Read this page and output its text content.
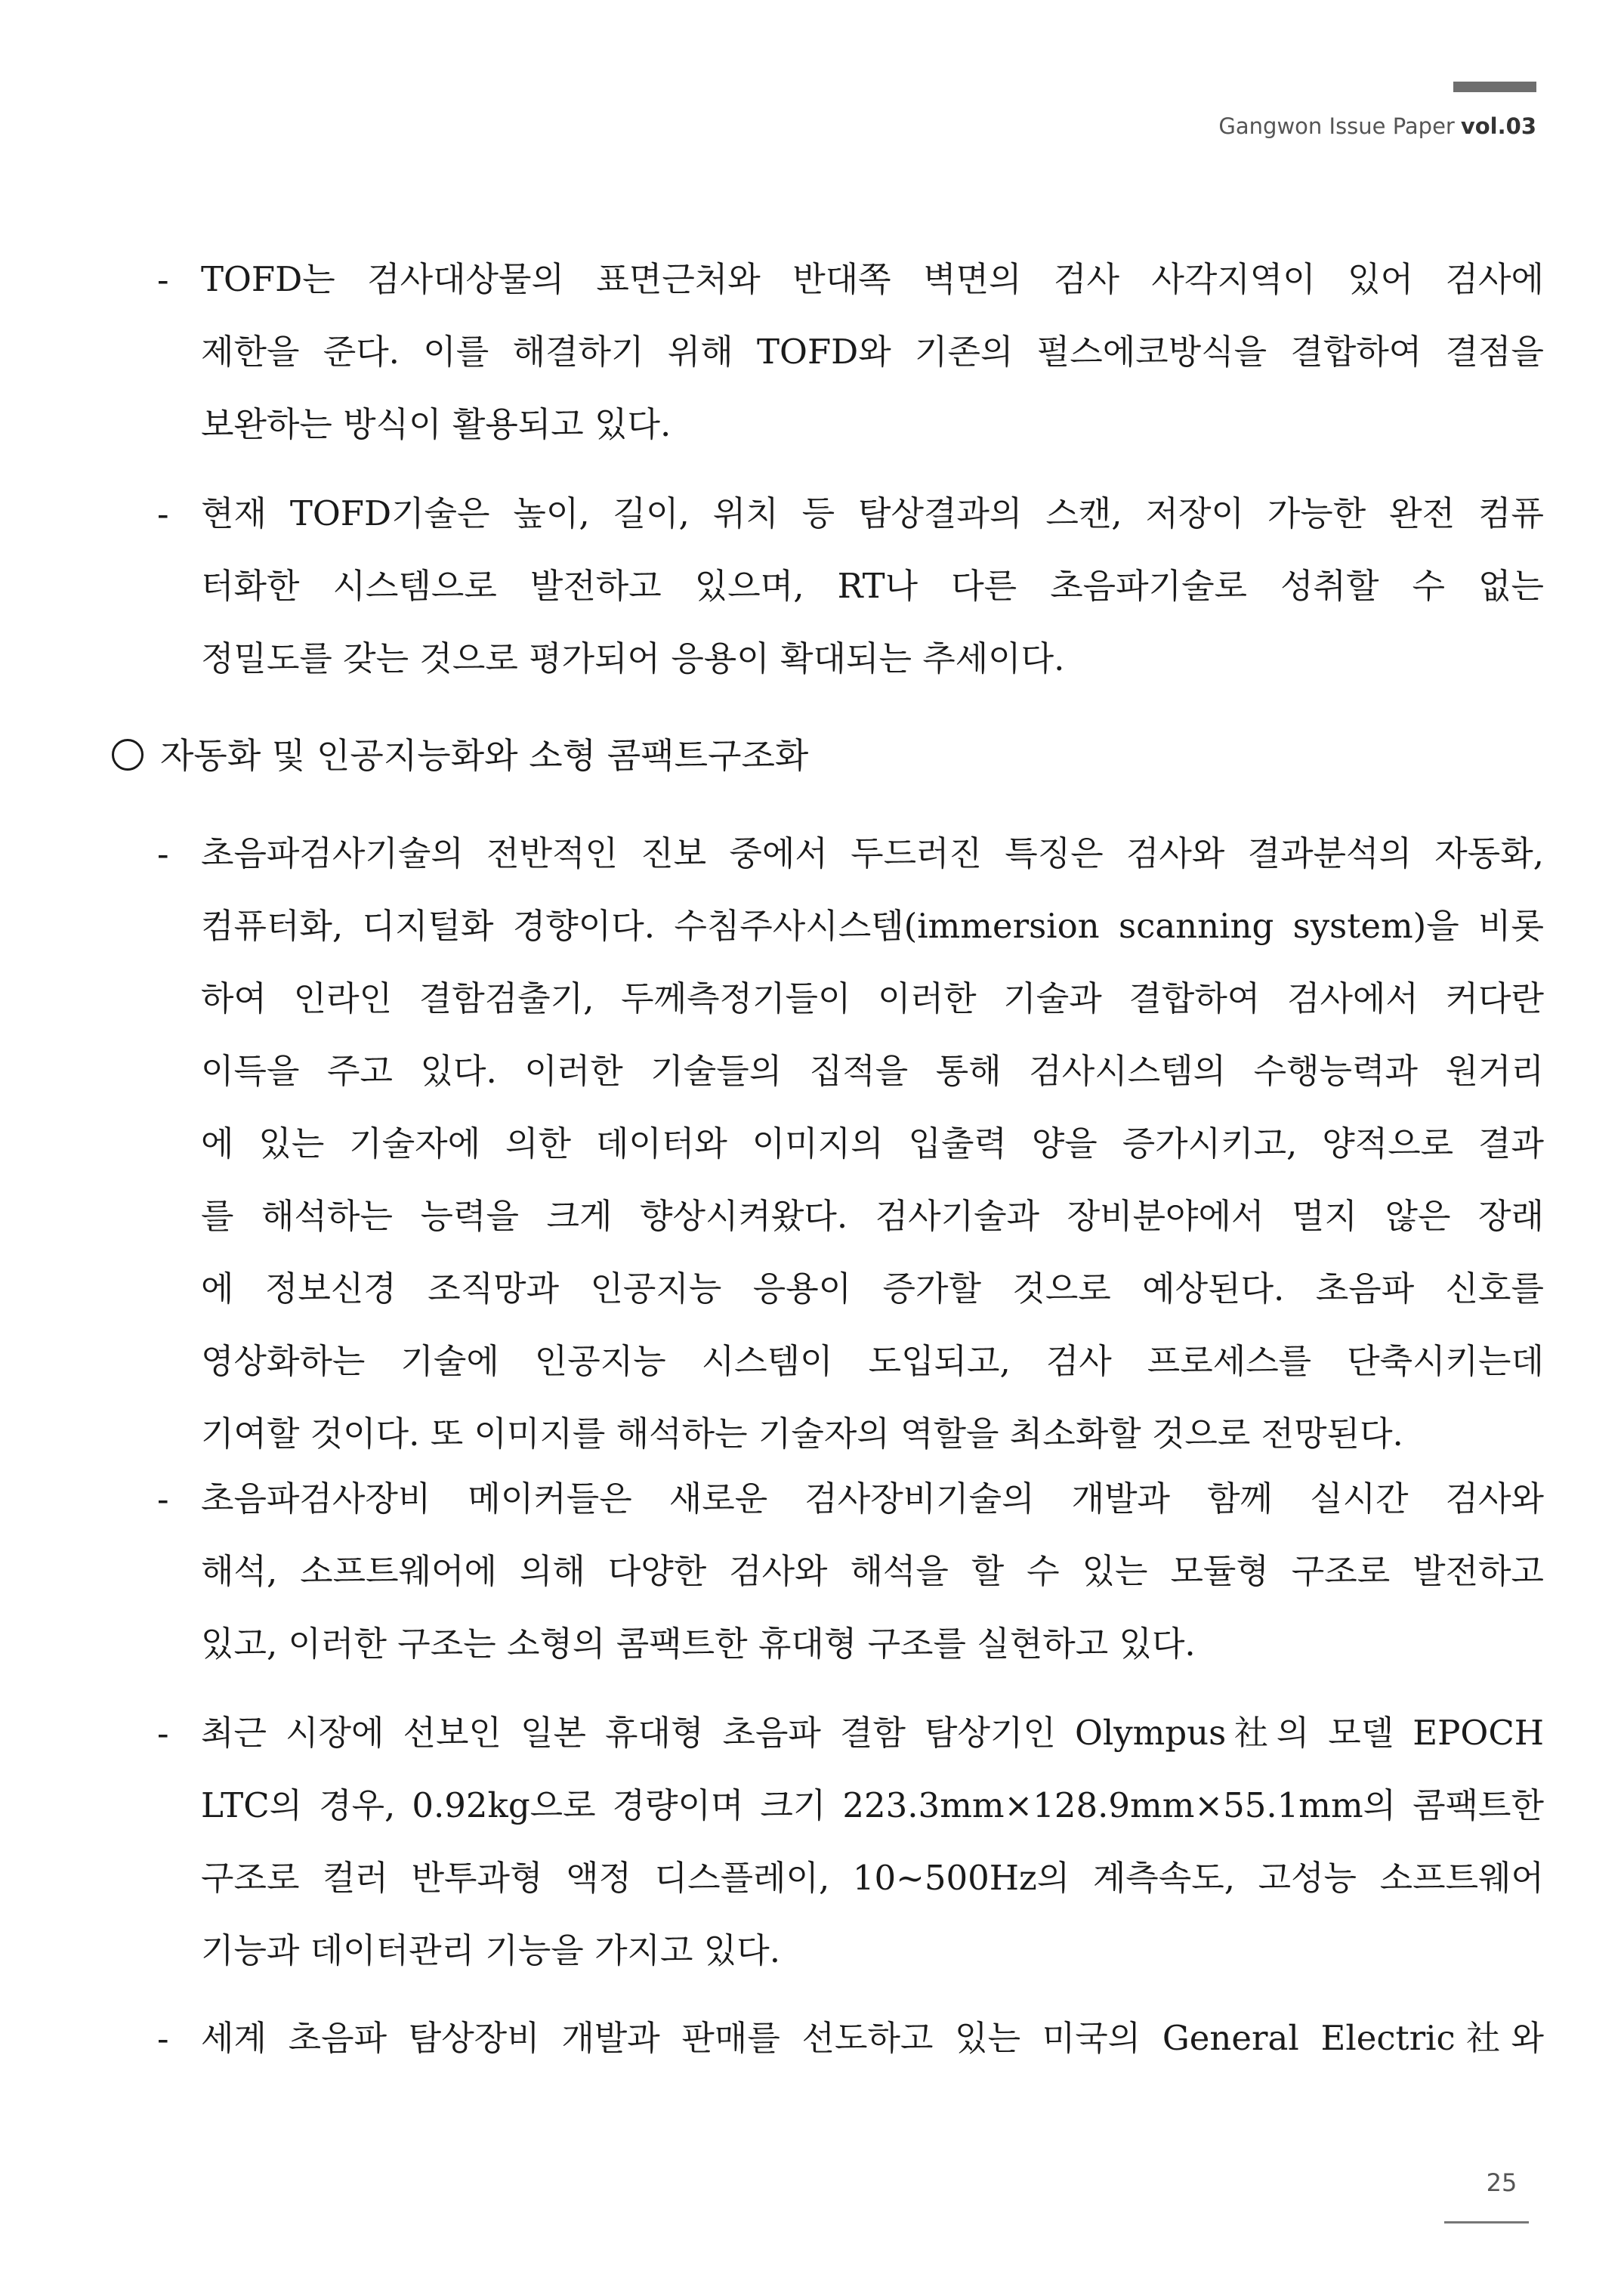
Gangwon Issue Paper vol.03
- TOFD는 검사대상물의 표면근처와 반대쪽 벽면의 검사 사각지역이 있어 검사에
제한을 준다. 이를 해결하기 위해 TOFD와 기존의 펄스에코방식을 결합하여 결점을
보완하는 방식이 활용되고 있다.
- 현재 TOFD기술은 높이, 길이, 위치 등 탐상결과의 스캔, 저장이 가능한 완전 컴퓨
터화한 시스템으로 발전하고 있으며, RT나 다른 초음파기술로 성취할 수 없는
정밀도를 갖는 것으로 평가되어 응용이 확대되는 추세이다.
자동화 및 인공지능화와 소형 콤팩트구조화
- 초음파검사기술의 전반적인 진보 중에서 두드러진 특징은 검사와 결과분석의 자동화,
컴퓨터화, 디지털화 경향이다. 수침주사시스템(immersion scanning system)을 비롯
하여 인라인 결함검출기, 두께측정기들이 이러한 기술과 결합하여 검사에서 커다란
이득을 주고 있다. 이러한 기술들의 집적을 통해 검사시스템의 수행능력과 원거리
에 있는 기술자에 의한 데이터와 이미지의 입출력 양을 증가시키고, 양적으로 결과
를 해석하는 능력을 크게 향상시켜왔다. 검사기술과 장비분야에서 멀지 않은 장래
에 정보신경 조직망과 인공지능 응용이 증가할 것으로 예상된다. 초음파 신호를
영상화하는 기술에 인공지능 시스템이 도입되고, 검사 프로세스를 단축시키는데
기여할 것이다. 또 이미지를 해석하는 기술자의 역할을 최소화할 것으로 전망된다.
- 초음파검사장비 메이커들은 새로운 검사장비기술의 개발과 함께 실시간 검사와
해석, 소프트웨어에 의해 다양한 검사와 해석을 할 수 있는 모듈형 구조로 발전하고
있고, 이러한 구조는 소형의 콤팩트한 휴대형 구조를 실현하고 있다.
- 최근 시장에 선보인 일본 휴대형 초음파 결함 탐상기인 Olympus社의 모델 EPOCH
LTC의 경우, 0.92kg으로 경량이며 크기 223.3mm×128.9mm×55.1mm의 콤팩트한
구조로 컬러 반투과형 액정 디스플레이, 10~500Hz의 계측속도, 고성능 소프트웨어
기능과 데이터관리 기능을 가지고 있다.
- 세계 초음파 탐상장비 개발과 판매를 선도하고 있는 미국의 General Electric社와
25
